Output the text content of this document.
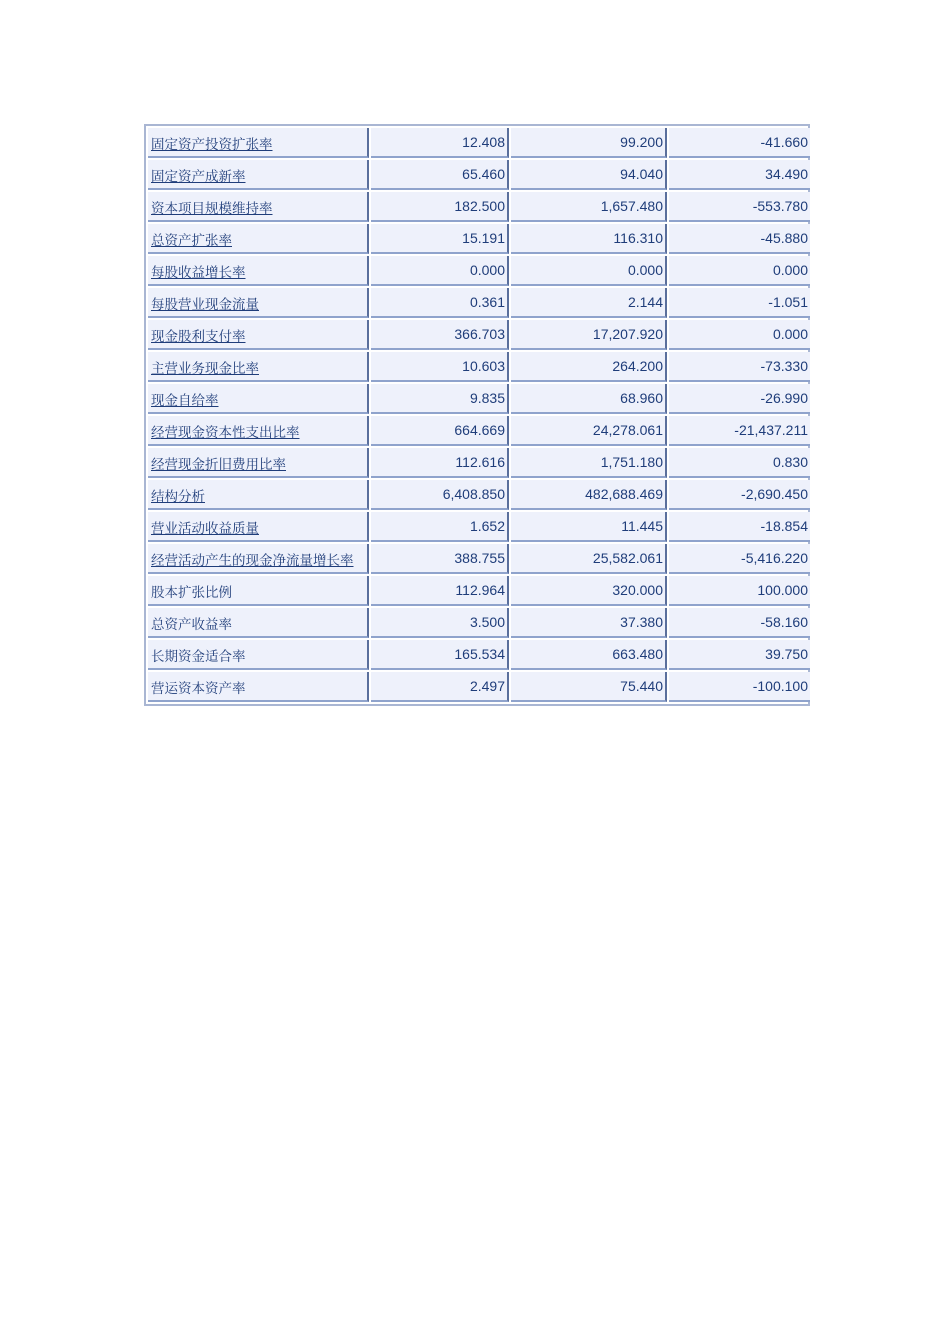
固定资产投资扩张率	12.408	99.200	-41.660
固定资产成新率	65.460	94.040	34.490
资本项目规模维持率	182.500	1,657.480	-553.780
总资产扩张率	15.191	116.310	-45.880
每股收益增长率	0.000	0.000	0.000
每股营业现金流量	0.361	2.144	-1.051
现金股利支付率	366.703	17,207.920	0.000
主营业务现金比率	10.603	264.200	-73.330
现金自给率	9.835	68.960	-26.990
经营现金资本性支出比率	664.669	24,278.061	-21,437.211
经营现金折旧费用比率	112.616	1,751.180	0.830
结构分析	6,408.850	482,688.469	-2,690.450
营业活动收益质量	1.652	11.445	-18.854
经营活动产生的现金净流量增长率	388.755	25,582.061	-5,416.220
股本扩张比例	112.964	320.000	100.000
总资产收益率	3.500	37.380	-58.160
长期资金适合率	165.534	663.480	39.750
营运资本资产率	2.497	75.440	-100.100
